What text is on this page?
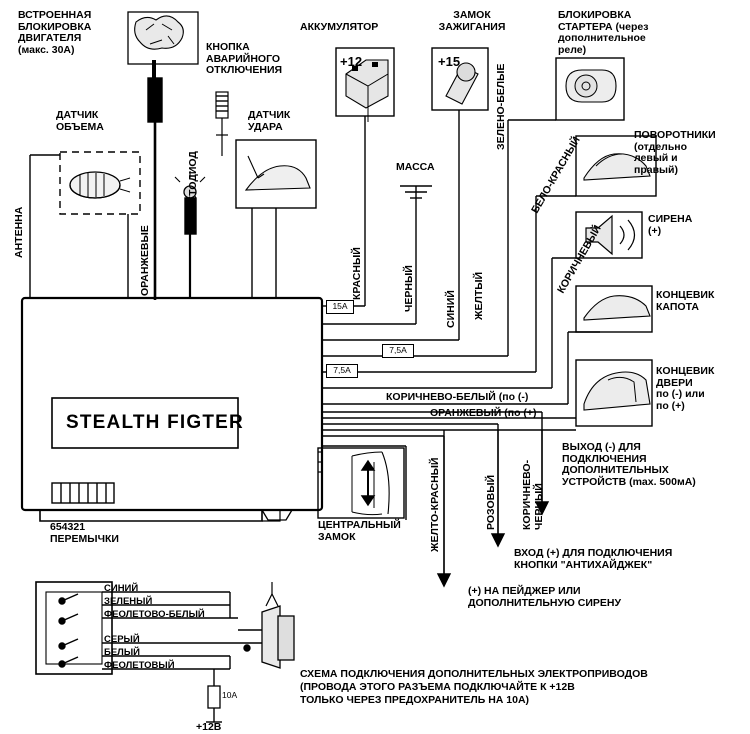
ВСТРОЕННАЯ
БЛОКИРОВКА
ДВИГАТЕЛЯ
(макс. 30А)
ДАТЧИК
ОБЪЕМА
АНТЕННА
СВЕТОДИОД
КНОПКА
АВАРИЙНОГО
ОТКЛЮЧЕНИЯ
ДАТЧИК
УДАРА
АККУМУЛЯТОР
+12
ЗАМОК
ЗАЖИГАНИЯ
+15
БЛОКИРОВКА
СТАРТЕРА (через
дополнительное
реле)
МАССА
ПОВОРОТНИКИ
(отдельно
левый и
правый)
СИРЕНА
(+)
КОНЦЕВИК
КАПОТА
КОНЦЕВИК
ДВЕРИ
по (-) или
по (+)
STEALTH FIGTER
654321
ПЕРЕМЫЧКИ
ЦЕНТРАЛЬНЫЙ
ЗАМОК
15А
7,5А
7,5А
10A
ОРАНЖЕВЫЕ	КРАСНЫЙ	ЧЕРНЫЙ	СИНИЙ ЖЕЛТЫЙ
ЗЕЛЕНО-БЕЛЫЕ
БЕЛО-КРАСНЫЙ
КОРИЧНЕВЫЙ
КОРИЧНЕВО-БЕЛЫЙ (по (-)
ОРАНЖЕВЫЙ (по (+)
ЖЕЛТО-КРАСНЫЙ	РОЗОВЫЙ КОРИЧНЕВО- ЧЕРНЫЙ
ВЫХОД (-) ДЛЯ
ПОДКЛЮЧЕНИЯ
ДОПОЛНИТЕЛЬНЫХ
УСТРОЙСТВ (max. 500мА)
ВХОД (+) ДЛЯ ПОДКЛЮЧЕНИЯ
КНОПКИ "АНТИХАЙДЖЕК"
(+) НА ПЕЙДЖЕР ИЛИ
ДОПОЛНИТЕЛЬНУЮ СИРЕНУ
СИНИЙ
ЗЕЛЕНЫЙ
ФЕОЛЕТОВО-БЕЛЫЙ
СЕРЫЙ
БЕЛЫЙ
ФЕОЛЕТОВЫЙ
+12В
СХЕМА ПОДКЛЮЧЕНИЯ ДОПОЛНИТЕЛЬНЫХ ЭЛЕКТРОПРИВОДОВ
(ПРОВОДА ЭТОГО РАЗЪЕМА ПОДКЛЮЧАЙТЕ К +12В
ТОЛЬКО ЧЕРЕЗ ПРЕДОХРАНИТЕЛЬ НА 10А)
